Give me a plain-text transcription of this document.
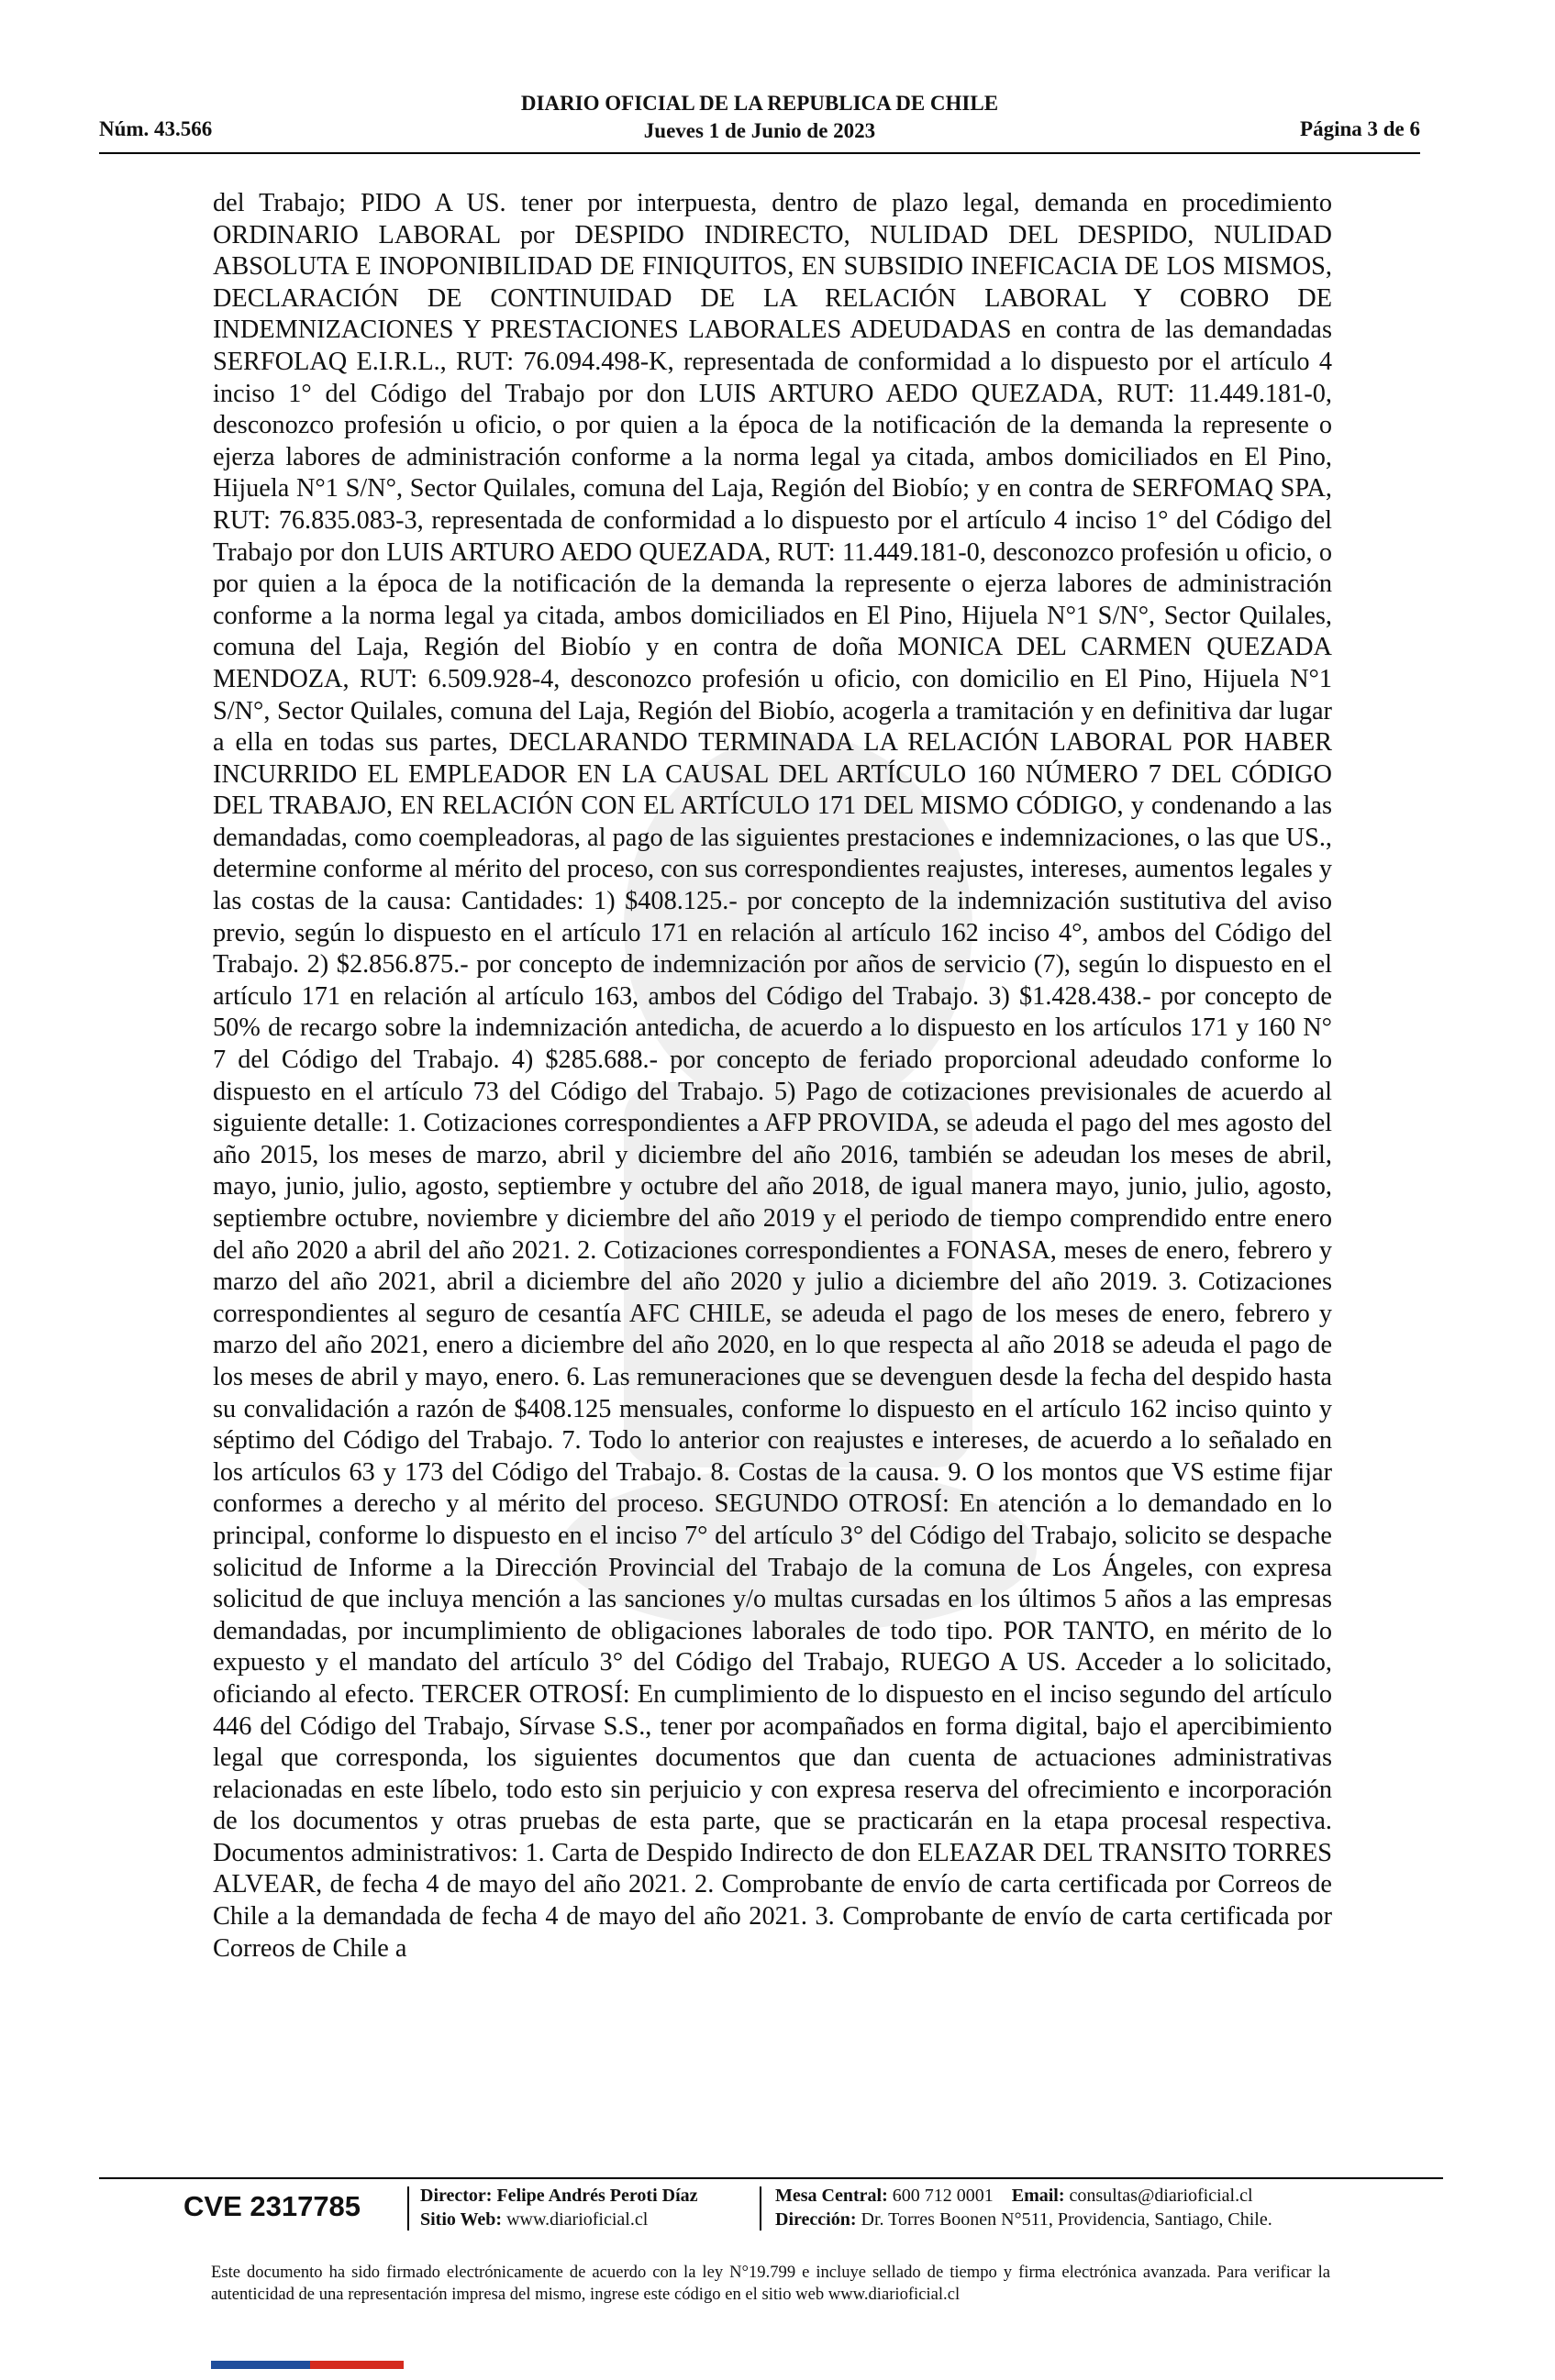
DIARIO OFICIAL DE LA REPUBLICA DE CHILE
Jueves 1 de Junio de 2023
Núm. 43.566	Página 3 de 6
del Trabajo; PIDO A US. tener por interpuesta, dentro de plazo legal, demanda en procedimiento ORDINARIO LABORAL por DESPIDO INDIRECTO, NULIDAD DEL DESPIDO, NULIDAD ABSOLUTA E INOPONIBILIDAD DE FINIQUITOS, EN SUBSIDIO INEFICACIA DE LOS MISMOS, DECLARACIÓN DE CONTINUIDAD DE LA RELACIÓN LABORAL Y COBRO DE INDEMNIZACIONES Y PRESTACIONES LABORALES ADEUDADAS en contra de las demandadas SERFOLAQ E.I.R.L., RUT: 76.094.498-K, representada de conformidad a lo dispuesto por el artículo 4 inciso 1° del Código del Trabajo por don LUIS ARTURO AEDO QUEZADA, RUT: 11.449.181-0, desconozco profesión u oficio, o por quien a la época de la notificación de la demanda la represente o ejerza labores de administración conforme a la norma legal ya citada, ambos domiciliados en El Pino, Hijuela N°1 S/N°, Sector Quilales, comuna del Laja, Región del Biobío; y en contra de SERFOMAQ SPA, RUT: 76.835.083-3, representada de conformidad a lo dispuesto por el artículo 4 inciso 1° del Código del Trabajo por don LUIS ARTURO AEDO QUEZADA, RUT: 11.449.181-0, desconozco profesión u oficio, o por quien a la época de la notificación de la demanda la represente o ejerza labores de administración conforme a la norma legal ya citada, ambos domiciliados en El Pino, Hijuela N°1 S/N°, Sector Quilales, comuna del Laja, Región del Biobío y en contra de doña MONICA DEL CARMEN QUEZADA MENDOZA, RUT: 6.509.928-4, desconozco profesión u oficio, con domicilio en El Pino, Hijuela N°1 S/N°, Sector Quilales, comuna del Laja, Región del Biobío, acogerla a tramitación y en definitiva dar lugar a ella en todas sus partes, DECLARANDO TERMINADA LA RELACIÓN LABORAL POR HABER INCURRIDO EL EMPLEADOR EN LA CAUSAL DEL ARTÍCULO 160 NÚMERO 7 DEL CÓDIGO DEL TRABAJO, EN RELACIÓN CON EL ARTÍCULO 171 DEL MISMO CÓDIGO, y condenando a las demandadas, como coempleadoras, al pago de las siguientes prestaciones e indemnizaciones, o las que US., determine conforme al mérito del proceso, con sus correspondientes reajustes, intereses, aumentos legales y las costas de la causa: Cantidades: 1) $408.125.- por concepto de la indemnización sustitutiva del aviso previo, según lo dispuesto en el artículo 171 en relación al artículo 162 inciso 4°, ambos del Código del Trabajo. 2) $2.856.875.- por concepto de indemnización por años de servicio (7), según lo dispuesto en el artículo 171 en relación al artículo 163, ambos del Código del Trabajo. 3) $1.428.438.- por concepto de 50% de recargo sobre la indemnización antedicha, de acuerdo a lo dispuesto en los artículos 171 y 160 N° 7 del Código del Trabajo. 4) $285.688.- por concepto de feriado proporcional adeudado conforme lo dispuesto en el artículo 73 del Código del Trabajo. 5) Pago de cotizaciones previsionales de acuerdo al siguiente detalle: 1. Cotizaciones correspondientes a AFP PROVIDA, se adeuda el pago del mes agosto del año 2015, los meses de marzo, abril y diciembre del año 2016, también se adeudan los meses de abril, mayo, junio, julio, agosto, septiembre y octubre del año 2018, de igual manera mayo, junio, julio, agosto, septiembre octubre, noviembre y diciembre del año 2019 y el periodo de tiempo comprendido entre enero del año 2020 a abril del año 2021. 2. Cotizaciones correspondientes a FONASA, meses de enero, febrero y marzo del año 2021, abril a diciembre del año 2020 y julio a diciembre del año 2019. 3. Cotizaciones correspondientes al seguro de cesantía AFC CHILE, se adeuda el pago de los meses de enero, febrero y marzo del año 2021, enero a diciembre del año 2020, en lo que respecta al año 2018 se adeuda el pago de los meses de abril y mayo, enero. 6. Las remuneraciones que se devenguen desde la fecha del despido hasta su convalidación a razón de $408.125 mensuales, conforme lo dispuesto en el artículo 162 inciso quinto y séptimo del Código del Trabajo. 7. Todo lo anterior con reajustes e intereses, de acuerdo a lo señalado en los artículos 63 y 173 del Código del Trabajo. 8. Costas de la causa. 9. O los montos que VS estime fijar conformes a derecho y al mérito del proceso. SEGUNDO OTROSÍ: En atención a lo demandado en lo principal, conforme lo dispuesto en el inciso 7° del artículo 3° del Código del Trabajo, solicito se despache solicitud de Informe a la Dirección Provincial del Trabajo de la comuna de Los Ángeles, con expresa solicitud de que incluya mención a las sanciones y/o multas cursadas en los últimos 5 años a las empresas demandadas, por incumplimiento de obligaciones laborales de todo tipo. POR TANTO, en mérito de lo expuesto y el mandato del artículo 3° del Código del Trabajo, RUEGO A US. Acceder a lo solicitado, oficiando al efecto. TERCER OTROSÍ: En cumplimiento de lo dispuesto en el inciso segundo del artículo 446 del Código del Trabajo, Sírvase S.S., tener por acompañados en forma digital, bajo el apercibimiento legal que corresponda, los siguientes documentos que dan cuenta de actuaciones administrativas relacionadas en este líbelo, todo esto sin perjuicio y con expresa reserva del ofrecimiento e incorporación de los documentos y otras pruebas de esta parte, que se practicarán en la etapa procesal respectiva. Documentos administrativos: 1. Carta de Despido Indirecto de don ELEAZAR DEL TRANSITO TORRES ALVEAR, de fecha 4 de mayo del año 2021. 2. Comprobante de envío de carta certificada por Correos de Chile a la demandada de fecha 4 de mayo del año 2021. 3. Comprobante de envío de carta certificada por Correos de Chile a
CVE 2317785	Director: Felipe Andrés Peroti Díaz
Sitio Web: www.diarioficial.cl
Mesa Central: 600 712 0001 Email: consultas@diarioficial.cl
Dirección: Dr. Torres Boonen N°511, Providencia, Santiago, Chile.
Este documento ha sido firmado electrónicamente de acuerdo con la ley N°19.799 e incluye sellado de tiempo y firma electrónica avanzada. Para verificar la autenticidad de una representación impresa del mismo, ingrese este código en el sitio web www.diarioficial.cl
